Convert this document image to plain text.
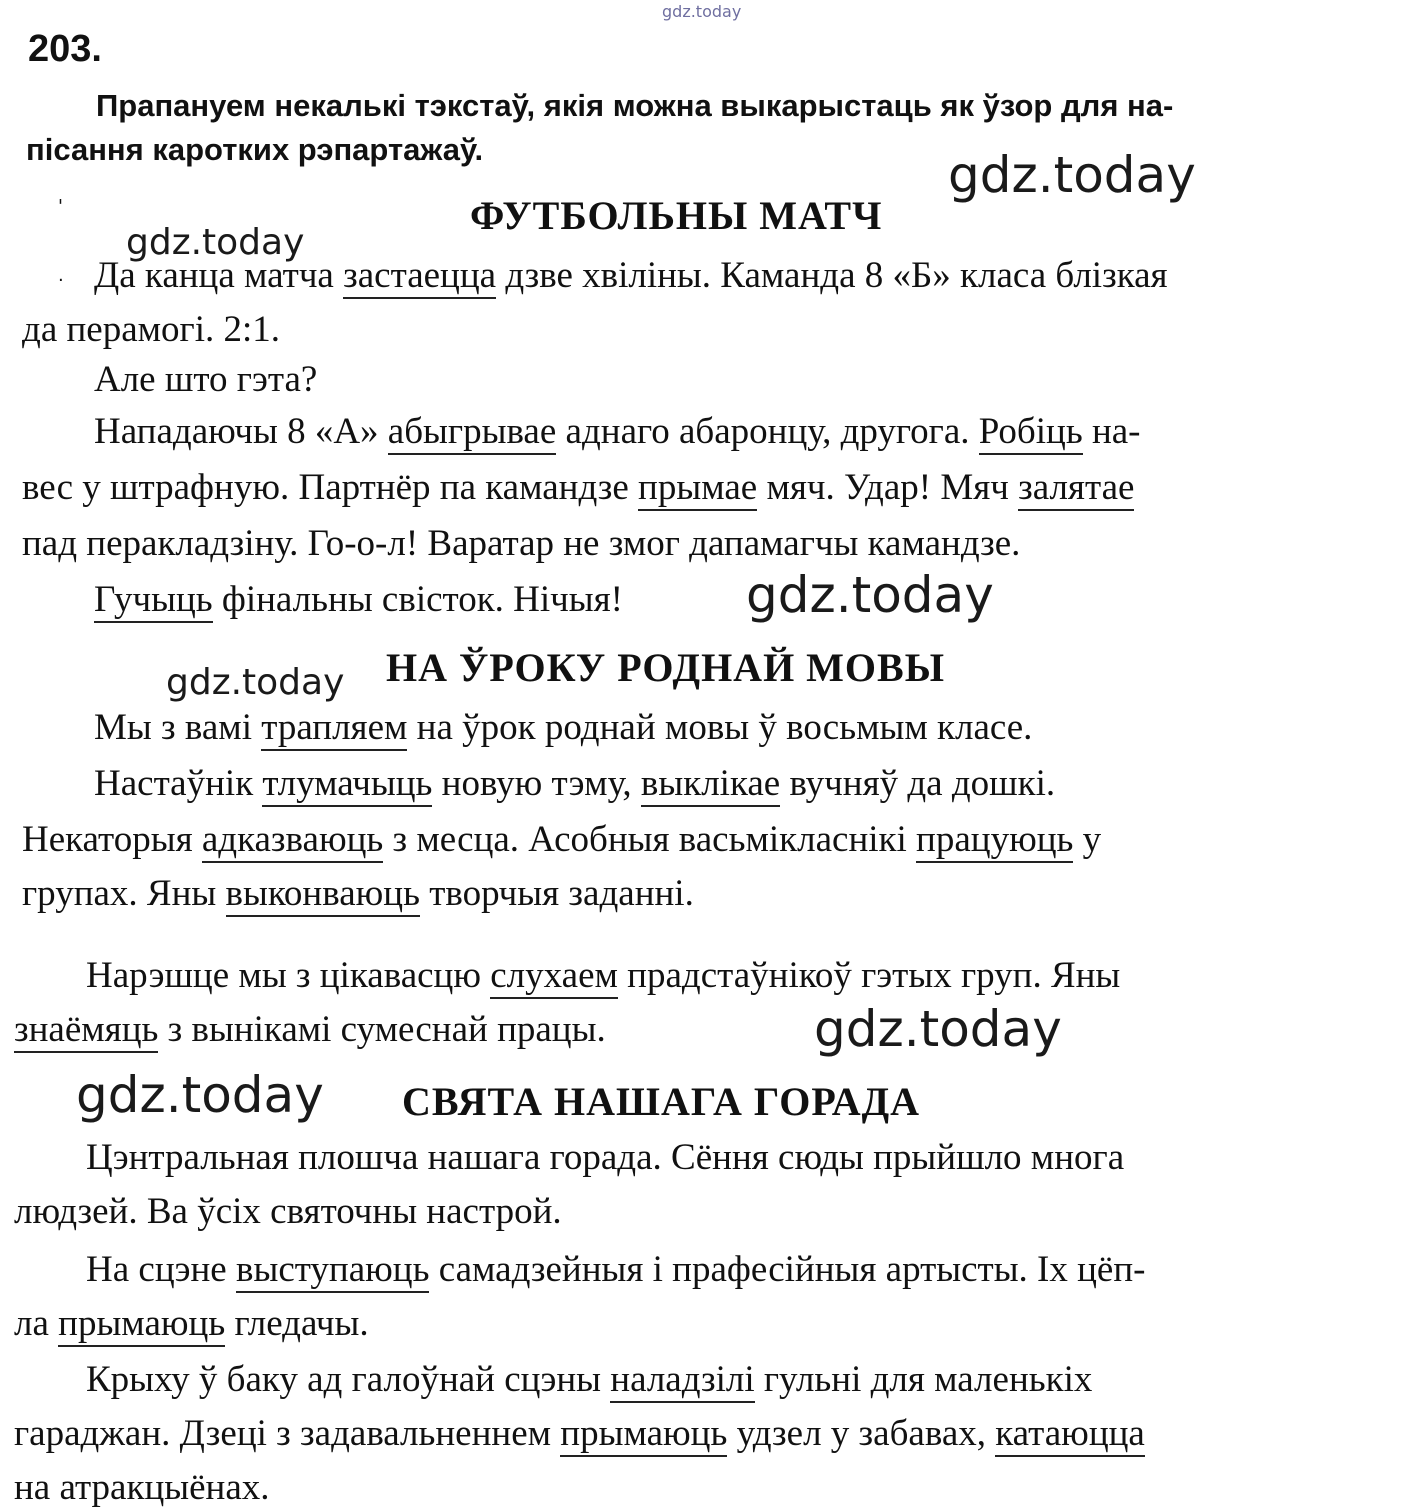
gdz.today
203.
Прапануем некалькі тэкстаў, якія можна выкарыстаць як ўзор для на-
пісання каротких рэпартажаў.
'	ФУТБОЛЬНЫ МАТЧ
gdz.today
gdz.today
· Да канца матча застаецца дзве хвіліны. Каманда 8 «Б» класа блізкая
да перамогі. 2:1.
Але што гэта?
Нападаючы 8 «А» абыгрывае аднаго абаронцу, другога. Робіць на-
вес у штрафную. Партнёр па камандзе прымае мяч. Удар! Мяч залятае
пад перакладзіну. Го-о-л! Варатар не змог дапамагчы камандзе.
Гучыць фінальны свісток. Нічыя! gdz.today
НА ЎРОКУ РОДНАЙ МОВЫ
gdz.today
Мы з вамі трапляем на ўрок роднай мовы ў восьмым класе.
Настаўнік тлумачыць новую тэму, выклікае вучняў да дошкі.
Некаторыя адказваюць з месца. Асобныя васьмікласнікі працуюць у
групах. Яны выконваюць творчыя заданні.
Нарэшце мы з цікавасцю слухаем прадстаўнікоў гэтых груп. Яны
знаёмяць з вынікамі сумеснай працы.	gdz.today
gdz.today СВЯТА НАШАГА ГОРАДА
Цэнтральная плошча нашага горада. Сёння сюды прыйшло многа
людзей. Ва ўсіх святочны настрой.
На сцэне выступаюць самадзейныя і прафесійныя артысты. Іх цёп-
ла прымаюць гледачы.
Крыху ў баку ад галоўнай сцэны наладзілі гульні для маленькіх
гараджан. Дзеці з задавальненнем прымаюць удзел у забавах, катаюцца
на атракцыёнах.
